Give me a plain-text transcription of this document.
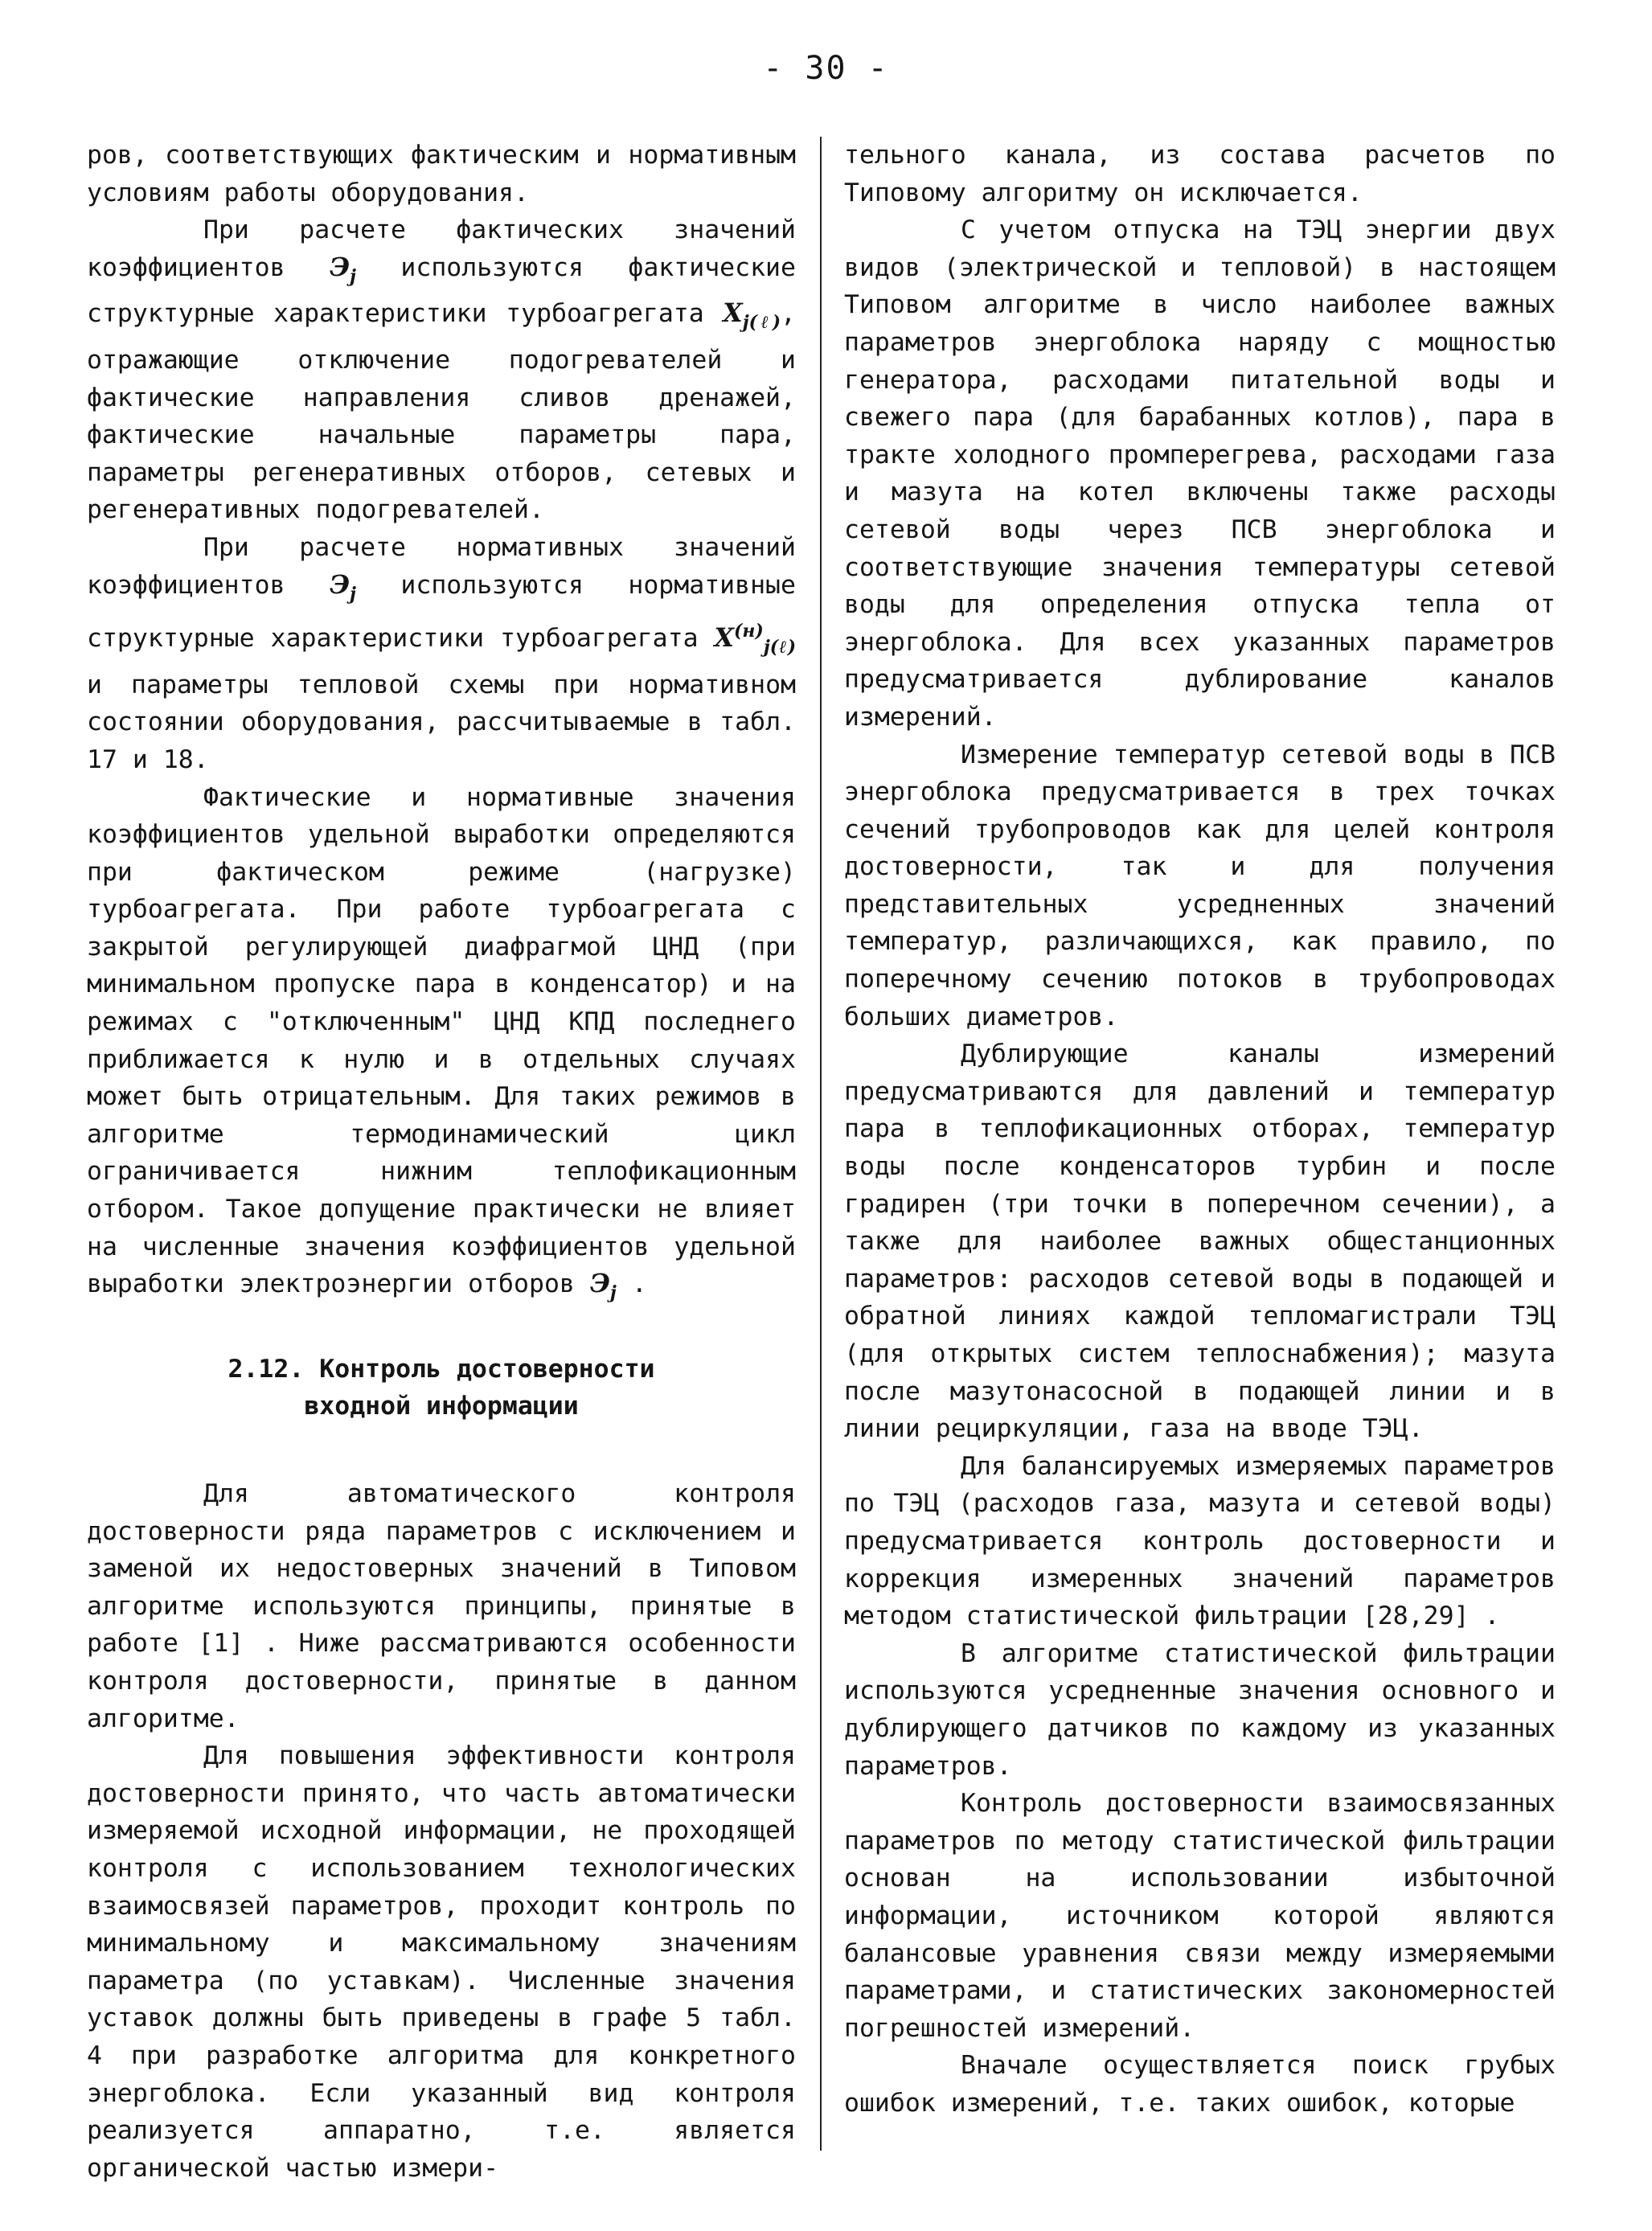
- 30 -

ров, соответствующих фактическим и нормативным условиям работы оборудования.

При расчете фактических значений коэффициентов $Э_j$ используются фактические структурные характеристики турбоагрегата $X_{j(\ell)}$, отражающие отключение подогревателей и фактические направления сливов дренажей, фактические начальные параметры пара, параметры регенеративных отборов, сетевых и регенеративных подогревателей.

При расчете нормативных значений коэффициентов $Э_j$ используются нормативные структурные характеристики турбоагрегата $X^{(н)}_{j(\ell)}$ и параметры тепловой схемы при нормативном состоянии оборудования, рассчитываемые в табл. 17 и 18.

Фактические и нормативные значения коэффициентов удельной выработки определяются при фактическом режиме (нагрузке) турбоагрегата. При работе турбоагрегата с закрытой регулирующей диафрагмой ЦНД (при минимальном пропуске пара в конденсатор) и на режимах с "отключенным" ЦНД КПД последнего приближается к нулю и в отдельных случаях может быть отрицательным. Для таких режимов в алгоритме термодинамический цикл ограничивается нижним теплофикационным отбором. Такое допущение практически не влияет на численные значения коэффициентов удельной выработки электроэнергии отборов $Э_j$ .

2.12. Контроль достоверности
входной информации

Для автоматического контроля достоверности ряда параметров с исключением и заменой их недостоверных значений в Типовом алгоритме используются принципы, принятые в работе [1] . Ниже рассматриваются особенности контроля достоверности, принятые в данном алгоритме.

Для повышения эффективности контроля достоверности принято, что часть автоматически измеряемой исходной информации, не проходящей контроля с использованием технологических взаимосвязей параметров, проходит контроль по минимальному и максимальному значениям параметра (по уставкам). Численные значения уставок должны быть приведены в графе 5 табл. 4 при разработке алгоритма для конкретного энергоблока. Если указанный вид контроля реализуется аппаратно, т.е. является органической частью измери-

тельного канала, из состава расчетов по Типовому алгоритму он исключается.

С учетом отпуска на ТЭЦ энергии двух видов (электрической и тепловой) в настоящем Типовом алгоритме в число наиболее важных параметров энергоблока наряду с мощностью генератора, расходами питательной воды и свежего пара (для барабанных котлов), пара в тракте холодного промперегрева, расходами газа и мазута на котел включены также расходы сетевой воды через ПСВ энергоблока и соответствующие значения температуры сетевой воды для определения отпуска тепла от энергоблока. Для всех указанных параметров предусматривается дублирование каналов измерений.

Измерение температур сетевой воды в ПСВ энергоблока предусматривается в трех точках сечений трубопроводов как для целей контроля достоверности, так и для получения представительных усредненных значений температур, различающихся, как правило, по поперечному сечению потоков в трубопроводах больших диаметров.

Дублирующие каналы измерений предусматриваются для давлений и температур пара в теплофикационных отборах, температур воды после конденсаторов турбин и после градирен (три точки в поперечном сечении), а также для наиболее важных общестанционных параметров: расходов сетевой воды в подающей и обратной линиях каждой тепломагистрали ТЭЦ (для открытых систем теплоснабжения); мазута после мазутонасосной в подающей линии и в линии рециркуляции, газа на вводе ТЭЦ.

Для балансируемых измеряемых параметров по ТЭЦ (расходов газа, мазута и сетевой воды) предусматривается контроль достоверности и коррекция измеренных значений параметров методом статистической фильтрации [28,29] .

В алгоритме статистической фильтрации используются усредненные значения основного и дублирующего датчиков по каждому из указанных параметров.

Контроль достоверности взаимосвязанных параметров по методу статистической фильтрации основан на использовании избыточной информации, источником которой являются балансовые уравнения связи между измеряемыми параметрами, и статистических закономерностей погрешностей измерений.

Вначале осуществляется поиск грубых ошибок измерений, т.е. таких ошибок, которые
